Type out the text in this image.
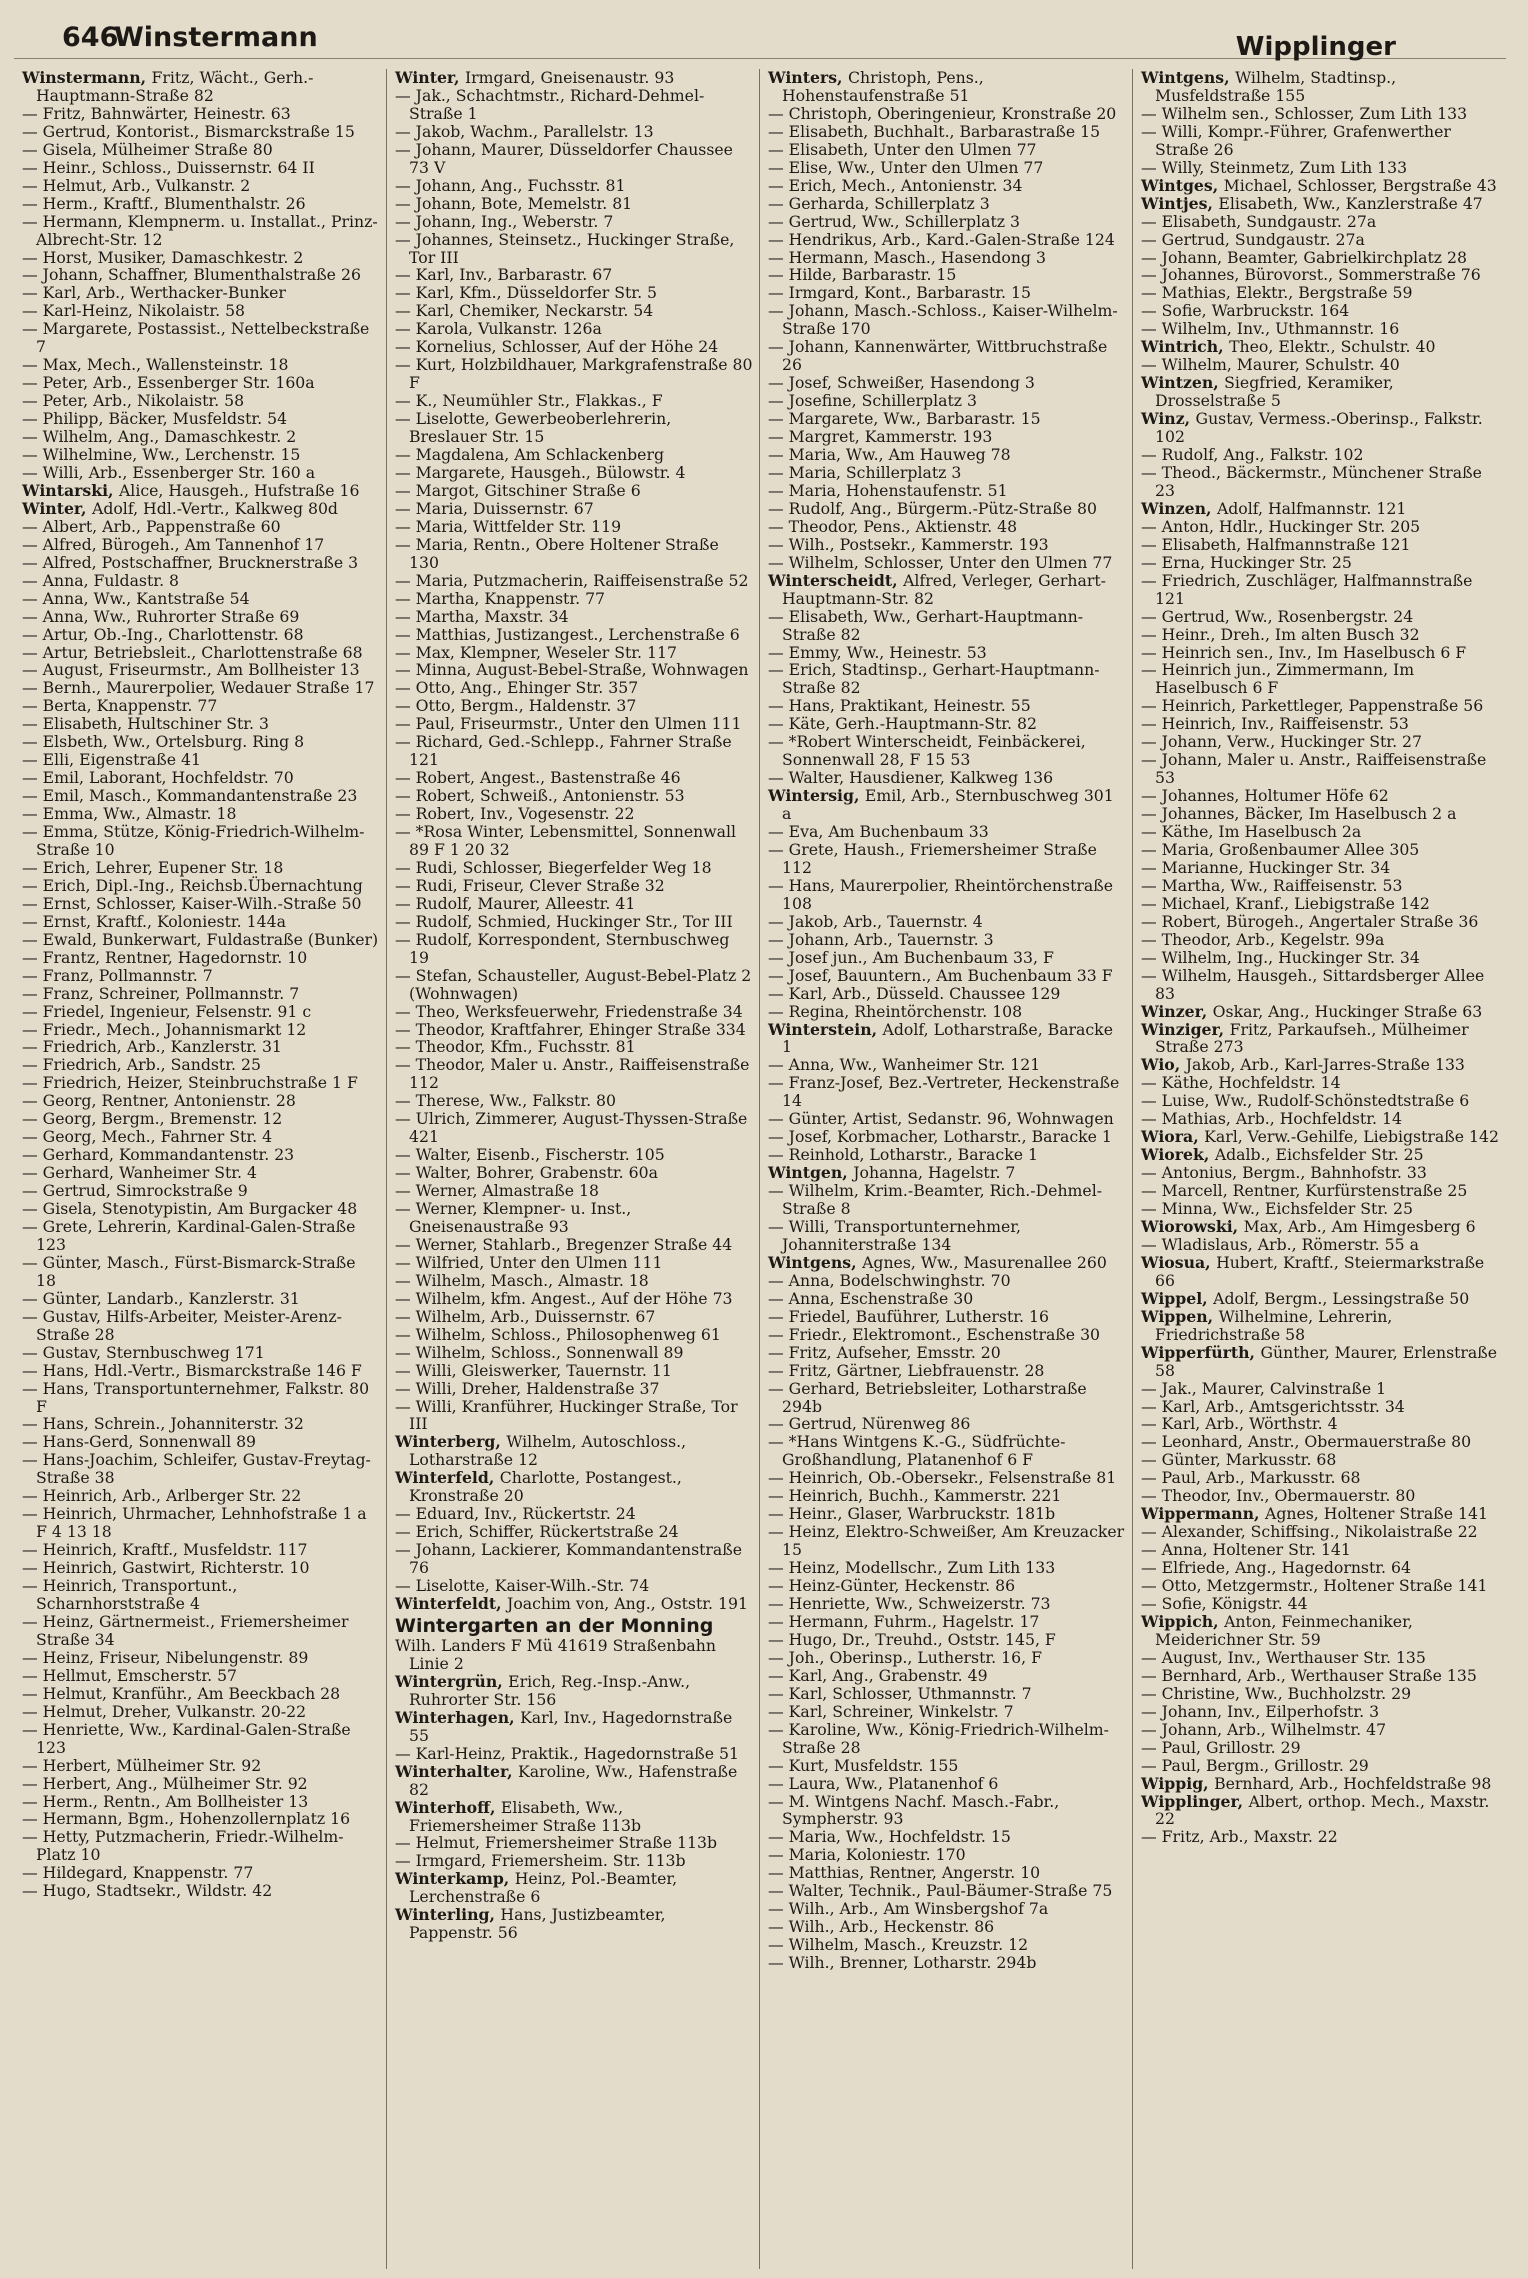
646
Winstermann	Wipplinger

Winstermann, Fritz, Wächt., Gerh.-Hauptmann-Straße 82

— Fritz, Bahnwärter, Heinestr. 63

— Gertrud, Kontorist., Bismarckstraße 15

— Gisela, Mülheimer Straße 80

— Heinr., Schloss., Duissernstr. 64 II

— Helmut, Arb., Vulkanstr. 2

— Herm., Kraftf., Blumenthalstr. 26

— Hermann, Klempnerm. u. Installat., Prinz-Albrecht-Str. 12

— Horst, Musiker, Damaschkestr. 2

— Johann, Schaffner, Blumenthalstraße 26

— Karl, Arb., Werthacker-Bunker

— Karl-Heinz, Nikolaistr. 58

— Margarete, Postassist., Nettelbeckstraße 7

— Max, Mech., Wallensteinstr. 18

— Peter, Arb., Essenberger Str. 160a

— Peter, Arb., Nikolaistr. 58

— Philipp, Bäcker, Musfeldstr. 54

— Wilhelm, Ang., Damaschkestr. 2

— Wilhelmine, Ww., Lerchenstr. 15

— Willi, Arb., Essenberger Str. 160 a

Wintarski, Alice, Hausgeh., Hufstraße 16

Winter, Adolf, Hdl.-Vertr., Kalkweg 80d

— Albert, Arb., Pappenstraße 60

— Alfred, Bürogeh., Am Tannenhof 17

— Alfred, Postschaffner, Brucknerstraße 3

— Anna, Fuldastr. 8

— Anna, Ww., Kantstraße 54

— Anna, Ww., Ruhrorter Straße 69

— Artur, Ob.-Ing., Charlottenstr. 68

— Artur, Betriebsleit., Charlottenstraße 68

— August, Friseurmstr., Am Bollheister 13

— Bernh., Maurerpolier, Wedauer Straße 17

— Berta, Knappenstr. 77

— Elisabeth, Hultschiner Str. 3

— Elsbeth, Ww., Ortelsburg. Ring 8

— Elli, Eigenstraße 41

— Emil, Laborant, Hochfeldstr. 70

— Emil, Masch., Kommandantenstraße 23

— Emma, Ww., Almastr. 18

— Emma, Stütze, König-Friedrich-Wilhelm-Straße 10

— Erich, Lehrer, Eupener Str. 18

— Erich, Dipl.-Ing., Reichsb.Übernachtung

— Ernst, Schlosser, Kaiser-Wilh.-Straße 50

— Ernst, Kraftf., Koloniestr. 144a

— Ewald, Bunkerwart, Fuldastraße (Bunker)

— Frantz, Rentner, Hagedornstr. 10

— Franz, Pollmannstr. 7

— Franz, Schreiner, Pollmannstr. 7

— Friedel, Ingenieur, Felsenstr. 91 c

— Friedr., Mech., Johannismarkt 12

— Friedrich, Arb., Kanzlerstr. 31

— Friedrich, Arb., Sandstr. 25

— Friedrich, Heizer, Steinbruchstraße 1 F

— Georg, Rentner, Antonienstr. 28

— Georg, Bergm., Bremenstr. 12

— Georg, Mech., Fahrner Str. 4

— Gerhard, Kommandantenstr. 23

— Gerhard, Wanheimer Str. 4

— Gertrud, Simrockstraße 9

— Gisela, Stenotypistin, Am Burgacker 48

— Grete, Lehrerin, Kardinal-Galen-Straße 123

— Günter, Masch., Fürst-Bismarck-Straße 18

— Günter, Landarb., Kanzlerstr. 31

— Gustav, Hilfs-Arbeiter, Meister-Arenz-Straße 28

— Gustav, Sternbuschweg 171

— Hans, Hdl.-Vertr., Bismarckstraße 146 F

— Hans, Transportunternehmer, Falkstr. 80 F

— Hans, Schrein., Johanniterstr. 32

— Hans-Gerd, Sonnenwall 89

— Hans-Joachim, Schleifer, Gustav-Freytag-Straße 38

— Heinrich, Arb., Arlberger Str. 22

— Heinrich, Uhrmacher, Lehnhofstraße 1 a F 4 13 18

— Heinrich, Kraftf., Musfeldstr. 117

— Heinrich, Gastwirt, Richterstr. 10

— Heinrich, Transportunt., Scharnhorststraße 4

— Heinz, Gärtnermeist., Friemersheimer Straße 34

— Heinz, Friseur, Nibelungenstr. 89

— Hellmut, Emscherstr. 57

— Helmut, Kranführ., Am Beeckbach 28

— Helmut, Dreher, Vulkanstr. 20-22

— Henriette, Ww., Kardinal-Galen-Straße 123

— Herbert, Mülheimer Str. 92

— Herbert, Ang., Mülheimer Str. 92

— Herm., Rentn., Am Bollheister 13

— Hermann, Bgm., Hohenzollernplatz 16

— Hetty, Putzmacherin, Friedr.-Wilhelm-Platz 10

— Hildegard, Knappenstr. 77

— Hugo, Stadtsekr., Wildstr. 42

Winter, Irmgard, Gneisenaustr. 93

— Jak., Schachtmstr., Richard-Dehmel-Straße 1

— Jakob, Wachm., Parallelstr. 13

— Johann, Maurer, Düsseldorfer Chaussee 73 V

— Johann, Ang., Fuchsstr. 81

— Johann, Bote, Memelstr. 81

— Johann, Ing., Weberstr. 7

— Johannes, Steinsetz., Huckinger Straße, Tor III

— Karl, Inv., Barbarastr. 67

— Karl, Kfm., Düsseldorfer Str. 5

— Karl, Chemiker, Neckarstr. 54

— Karola, Vulkanstr. 126a

— Kornelius, Schlosser, Auf der Höhe 24

— Kurt, Holzbildhauer, Markgrafenstraße 80 F

— K., Neumühler Str., Flakkas., F

— Liselotte, Gewerbeoberlehrerin, Breslauer Str. 15

— Magdalena, Am Schlackenberg

— Margarete, Hausgeh., Bülowstr. 4

— Margot, Gitschiner Straße 6

— Maria, Duissernstr. 67

— Maria, Wittfelder Str. 119

— Maria, Rentn., Obere Holtener Straße 130

— Maria, Putzmacherin, Raiffeisenstraße 52

— Martha, Knappenstr. 77

— Martha, Maxstr. 34

— Matthias, Justizangest., Lerchenstraße 6

— Max, Klempner, Weseler Str. 117

— Minna, August-Bebel-Straße, Wohnwagen

— Otto, Ang., Ehinger Str. 357

— Otto, Bergm., Haldenstr. 37

— Paul, Friseurmstr., Unter den Ulmen 111

— Richard, Ged.-Schlepp., Fahrner Straße 121

— Robert, Angest., Bastenstraße 46

— Robert, Schweiß., Antonienstr. 53

— Robert, Inv., Vogesenstr. 22

— *Rosa Winter, Lebensmittel, Sonnenwall 89 F 1 20 32

— Rudi, Schlosser, Biegerfelder Weg 18

— Rudi, Friseur, Clever Straße 32

— Rudolf, Maurer, Alleestr. 41

— Rudolf, Schmied, Huckinger Str., Tor III

— Rudolf, Korrespondent, Sternbuschweg 19

— Stefan, Schausteller, August-Bebel-Platz 2 (Wohnwagen)

— Theo, Werksfeuerwehr, Friedenstraße 34

— Theodor, Kraftfahrer, Ehinger Straße 334

— Theodor, Kfm., Fuchsstr. 81

— Theodor, Maler u. Anstr., Raiffeisenstraße 112

— Therese, Ww., Falkstr. 80

— Ulrich, Zimmerer, August-Thyssen-Straße 421

— Walter, Eisenb., Fischerstr. 105

— Walter, Bohrer, Grabenstr. 60a

— Werner, Almastraße 18

— Werner, Klempner- u. Inst., Gneisenaustraße 93

— Werner, Stahlarb., Bregenzer Straße 44

— Wilfried, Unter den Ulmen 111

— Wilhelm, Masch., Almastr. 18

— Wilhelm, kfm. Angest., Auf der Höhe 73

— Wilhelm, Arb., Duissernstr. 67

— Wilhelm, Schloss., Philosophenweg 61

— Wilhelm, Schloss., Sonnenwall 89

— Willi, Gleiswerker, Tauernstr. 11

— Willi, Dreher, Haldenstraße 37

— Willi, Kranführer, Huckinger Straße, Tor III

Winterberg, Wilhelm, Autoschloss., Lotharstraße 12

Winterfeld, Charlotte, Postangest., Kronstraße 20

— Eduard, Inv., Rückertstr. 24

— Erich, Schiffer, Rückertstraße 24

— Johann, Lackierer, Kommandantenstraße 76

— Liselotte, Kaiser-Wilh.-Str. 74

Winterfeldt, Joachim von, Ang., Oststr. 191

Wintergarten an der Monning

Wilh. Landers F Mü 41619 Straßenbahn Linie 2

Wintergrün, Erich, Reg.-Insp.-Anw., Ruhrorter Str. 156

Winterhagen, Karl, Inv., Hagedornstraße 55

— Karl-Heinz, Praktik., Hagedornstraße 51

Winterhalter, Karoline, Ww., Hafenstraße 82

Winterhoff, Elisabeth, Ww., Friemersheimer Straße 113b

— Helmut, Friemersheimer Straße 113b

— Irmgard, Friemersheim. Str. 113b

Winterkamp, Heinz, Pol.-Beamter, Lerchenstraße 6

Winterling, Hans, Justizbeamter, Pappenstr. 56

Winters, Christoph, Pens., Hohenstaufenstraße 51

— Christoph, Oberingenieur, Kronstraße 20

— Elisabeth, Buchhalt., Barbarastraße 15

— Elisabeth, Unter den Ulmen 77

— Elise, Ww., Unter den Ulmen 77

— Erich, Mech., Antonienstr. 34

— Gerharda, Schillerplatz 3

— Gertrud, Ww., Schillerplatz 3

— Hendrikus, Arb., Kard.-Galen-Straße 124

— Hermann, Masch., Hasendong 3

— Hilde, Barbarastr. 15

— Irmgard, Kont., Barbarastr. 15

— Johann, Masch.-Schloss., Kaiser-Wilhelm-Straße 170

— Johann, Kannenwärter, Wittbruchstraße 26

— Josef, Schweißer, Hasendong 3

— Josefine, Schillerplatz 3

— Margarete, Ww., Barbarastr. 15

— Margret, Kammerstr. 193

— Maria, Ww., Am Hauweg 78

— Maria, Schillerplatz 3

— Maria, Hohenstaufenstr. 51

— Rudolf, Ang., Bürgerm.-Pütz-Straße 80

— Theodor, Pens., Aktienstr. 48

— Wilh., Postsekr., Kammerstr. 193

— Wilhelm, Schlosser, Unter den Ulmen 77

Winterscheidt, Alfred, Verleger, Gerhart-Hauptmann-Str. 82

— Elisabeth, Ww., Gerhart-Hauptmann-Straße 82

— Emmy, Ww., Heinestr. 53

— Erich, Stadtinsp., Gerhart-Hauptmann-Straße 82

— Hans, Praktikant, Heinestr. 55

— Käte, Gerh.-Hauptmann-Str. 82

— *Robert Winterscheidt, Feinbäckerei, Sonnenwall 28, F 15 53

— Walter, Hausdiener, Kalkweg 136

Wintersig, Emil, Arb., Sternbuschweg 301 a

— Eva, Am Buchenbaum 33

— Grete, Haush., Friemersheimer Straße 112

— Hans, Maurerpolier, Rheintörchenstraße 108

— Jakob, Arb., Tauernstr. 4

— Johann, Arb., Tauernstr. 3

— Josef jun., Am Buchenbaum 33, F

— Josef, Bauuntern., Am Buchenbaum 33 F

— Karl, Arb., Düsseld. Chaussee 129

— Regina, Rheintörchenstr. 108

Winterstein, Adolf, Lotharstraße, Baracke 1

— Anna, Ww., Wanheimer Str. 121

— Franz-Josef, Bez.-Vertreter, Heckenstraße 14

— Günter, Artist, Sedanstr. 96, Wohnwagen

— Josef, Korbmacher, Lotharstr., Baracke 1

— Reinhold, Lotharstr., Baracke 1

Wintgen, Johanna, Hagelstr. 7

— Wilhelm, Krim.-Beamter, Rich.-Dehmel-Straße 8

— Willi, Transportunternehmer, Johanniterstraße 134

Wintgens, Agnes, Ww., Masurenallee 260

— Anna, Bodelschwinghstr. 70

— Anna, Eschenstraße 30

— Friedel, Bauführer, Lutherstr. 16

— Friedr., Elektromont., Eschenstraße 30

— Fritz, Aufseher, Emsstr. 20

— Fritz, Gärtner, Liebfrauenstr. 28

— Gerhard, Betriebsleiter, Lotharstraße 294b

— Gertrud, Nürenweg 86

— *Hans Wintgens K.-G., Südfrüchte-Großhandlung, Platanenhof 6 F

— Heinrich, Ob.-Obersekr., Felsenstraße 81

— Heinrich, Buchh., Kammerstr. 221

— Heinr., Glaser, Warbruckstr. 181b

— Heinz, Elektro-Schweißer, Am Kreuzacker 15

— Heinz, Modellschr., Zum Lith 133

— Heinz-Günter, Heckenstr. 86

— Henriette, Ww., Schweizerstr. 73

— Hermann, Fuhrm., Hagelstr. 17

— Hugo, Dr., Treuhd., Oststr. 145, F

— Joh., Oberinsp., Lutherstr. 16, F

— Karl, Ang., Grabenstr. 49

— Karl, Schlosser, Uthmannstr. 7

— Karl, Schreiner, Winkelstr. 7

— Karoline, Ww., König-Friedrich-Wilhelm-Straße 28

— Kurt, Musfeldstr. 155

— Laura, Ww., Platanenhof 6

— M. Wintgens Nachf. Masch.-Fabr., Sympherstr. 93

— Maria, Ww., Hochfeldstr. 15

— Maria, Koloniestr. 170

— Matthias, Rentner, Angerstr. 10

— Walter, Technik., Paul-Bäumer-Straße 75

— Wilh., Arb., Am Winsbergshof 7a

— Wilh., Arb., Heckenstr. 86

— Wilhelm, Masch., Kreuzstr. 12

— Wilh., Brenner, Lotharstr. 294b

Wintgens, Wilhelm, Stadtinsp., Musfeldstraße 155

— Wilhelm sen., Schlosser, Zum Lith 133

— Willi, Kompr.-Führer, Grafenwerther Straße 26

— Willy, Steinmetz, Zum Lith 133

Wintges, Michael, Schlosser, Bergstraße 43

Wintjes, Elisabeth, Ww., Kanzlerstraße 47

— Elisabeth, Sundgaustr. 27a

— Gertrud, Sundgaustr. 27a

— Johann, Beamter, Gabrielkirchplatz 28

— Johannes, Bürovorst., Sommerstraße 76

— Mathias, Elektr., Bergstraße 59

— Sofie, Warbruckstr. 164

— Wilhelm, Inv., Uthmannstr. 16

Wintrich, Theo, Elektr., Schulstr. 40

— Wilhelm, Maurer, Schulstr. 40

Wintzen, Siegfried, Keramiker, Drosselstraße 5

Winz, Gustav, Vermess.-Oberinsp., Falkstr. 102

— Rudolf, Ang., Falkstr. 102

— Theod., Bäckermstr., Münchener Straße 23

Winzen, Adolf, Halfmannstr. 121

— Anton, Hdlr., Huckinger Str. 205

— Elisabeth, Halfmannstraße 121

— Erna, Huckinger Str. 25

— Friedrich, Zuschläger, Halfmannstraße 121

— Gertrud, Ww., Rosenbergstr. 24

— Heinr., Dreh., Im alten Busch 32

— Heinrich sen., Inv., Im Haselbusch 6 F

— Heinrich jun., Zimmermann, Im Haselbusch 6 F

— Heinrich, Parkettleger, Pappenstraße 56

— Heinrich, Inv., Raiffeisenstr. 53

— Johann, Verw., Huckinger Str. 27

— Johann, Maler u. Anstr., Raiffeisenstraße 53

— Johannes, Holtumer Höfe 62

— Johannes, Bäcker, Im Haselbusch 2 a

— Käthe, Im Haselbusch 2a

— Maria, Großenbaumer Allee 305

— Marianne, Huckinger Str. 34

— Martha, Ww., Raiffeisenstr. 53

— Michael, Kranf., Liebigstraße 142

— Robert, Bürogeh., Angertaler Straße 36

— Theodor, Arb., Kegelstr. 99a

— Wilhelm, Ing., Huckinger Str. 34

— Wilhelm, Hausgeh., Sittardsberger Allee 83

Winzer, Oskar, Ang., Huckinger Straße 63

Winziger, Fritz, Parkaufseh., Mülheimer Straße 273

Wio, Jakob, Arb., Karl-Jarres-Straße 133

— Käthe, Hochfeldstr. 14

— Luise, Ww., Rudolf-Schönstedtstraße 6

— Mathias, Arb., Hochfeldstr. 14

Wiora, Karl, Verw.-Gehilfe, Liebigstraße 142

Wiorek, Adalb., Eichsfelder Str. 25

— Antonius, Bergm., Bahnhofstr. 33

— Marcell, Rentner, Kurfürstenstraße 25

— Minna, Ww., Eichsfelder Str. 25

Wiorowski, Max, Arb., Am Himgesberg 6

— Wladislaus, Arb., Römerstr. 55 a

Wiosua, Hubert, Kraftf., Steiermarkstraße 66

Wippel, Adolf, Bergm., Lessingstraße 50

Wippen, Wilhelmine, Lehrerin, Friedrichstraße 58

Wipperfürth, Günther, Maurer, Erlenstraße 58

— Jak., Maurer, Calvinstraße 1

— Karl, Arb., Amtsgerichtsstr. 34

— Karl, Arb., Wörthstr. 4

— Leonhard, Anstr., Obermauerstraße 80

— Günter, Markusstr. 68

— Paul, Arb., Markusstr. 68

— Theodor, Inv., Obermauerstr. 80

Wippermann, Agnes, Holtener Straße 141

— Alexander, Schiffsing., Nikolaistraße 22

— Anna, Holtener Str. 141

— Elfriede, Ang., Hagedornstr. 64

— Otto, Metzgermstr., Holtener Straße 141

— Sofie, Königstr. 44

Wippich, Anton, Feinmechaniker, Meiderichner Str. 59

— August, Inv., Werthauser Str. 135

— Bernhard, Arb., Werthauser Straße 135

— Christine, Ww., Buchholzstr. 29

— Johann, Inv., Eilperhofstr. 3

— Johann, Arb., Wilhelmstr. 47

— Paul, Grillostr. 29

— Paul, Bergm., Grillostr. 29

Wippig, Bernhard, Arb., Hochfeldstraße 98

Wipplinger, Albert, orthop. Mech., Maxstr. 22

— Fritz, Arb., Maxstr. 22
